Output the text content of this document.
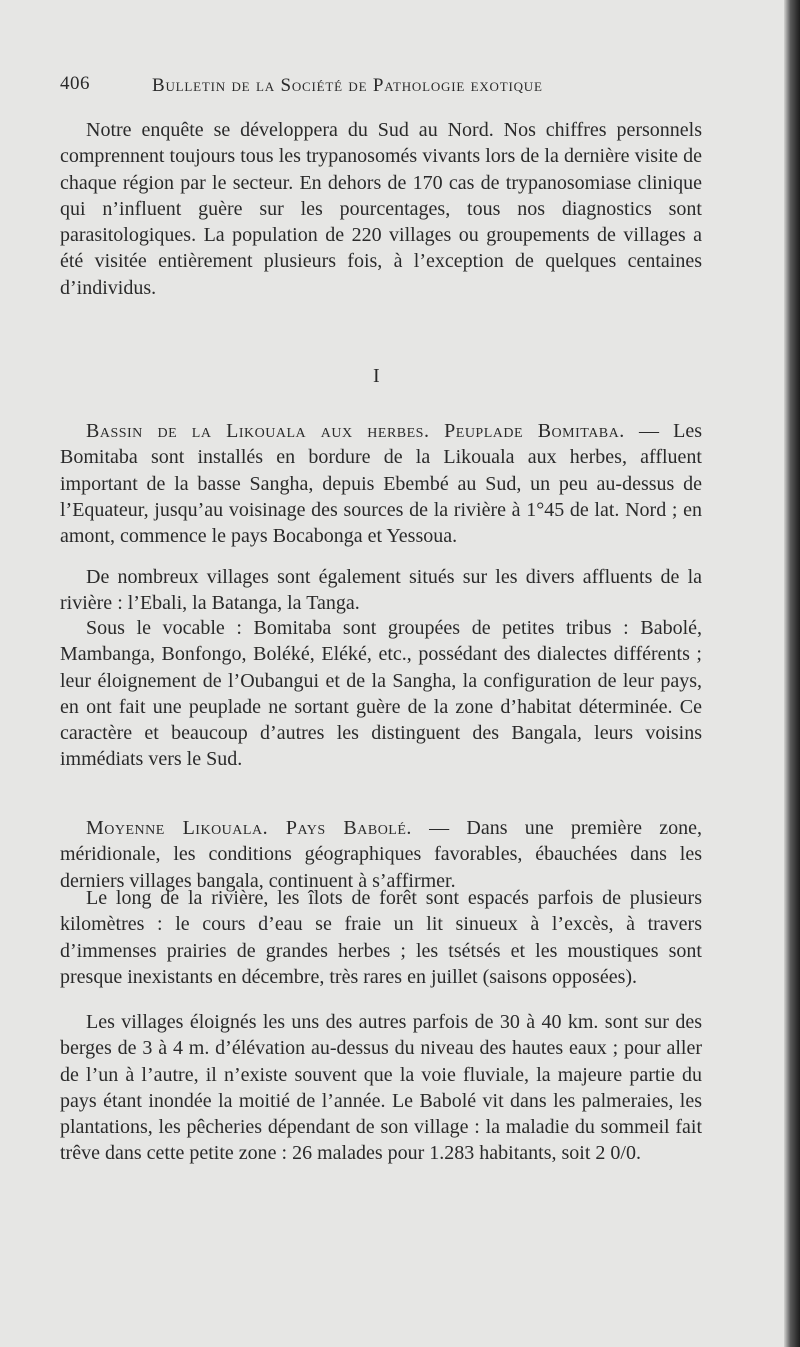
406	Bulletin de la Société de Pathologie exotique

Notre enquête se développera du Sud au Nord. Nos chiffres personnels comprennent toujours tous les trypanosomés vivants lors de la dernière visite de chaque région par le secteur. En dehors de 170 cas de trypanosomiase clinique qui n’influent guère sur les pourcentages, tous nos diagnostics sont parasitologiques. La population de 220 villages ou groupements de villages a été visitée entièrement plusieurs fois, à l’exception de quelques centaines d’individus.

I

Bassin de la Likouala aux herbes. Peuplade Bomitaba. — Les Bomitaba sont installés en bordure de la Likouala aux herbes, affluent important de la basse Sangha, depuis Ebembé au Sud, un peu au-dessus de l’Equateur, jusqu’au voisinage des sources de la rivière à 1°45 de lat. Nord ; en amont, commence le pays Bocabonga et Yessoua.

De nombreux villages sont également situés sur les divers affluents de la rivière : l’Ebali, la Batanga, la Tanga.

Sous le vocable : Bomitaba sont groupées de petites tribus : Babolé, Mambanga, Bonfongo, Boléké, Eléké, etc., possédant des dialectes différents ; leur éloignement de l’Oubangui et de la Sangha, la configuration de leur pays, en ont fait une peuplade ne sortant guère de la zone d’habitat déterminée. Ce caractère et beaucoup d’autres les distinguent des Bangala, leurs voisins immédiats vers le Sud.

Moyenne Likouala. Pays Babolé. — Dans une première zone, méridionale, les conditions géographiques favorables, ébauchées dans les derniers villages bangala, continuent à s’affirmer.

Le long de la rivière, les îlots de forêt sont espacés parfois de plusieurs kilomètres : le cours d’eau se fraie un lit sinueux à l’excès, à travers d’immenses prairies de grandes herbes ; les tsétsés et les moustiques sont presque inexistants en décembre, très rares en juillet (saisons opposées).

Les villages éloignés les uns des autres parfois de 30 à 40 km. sont sur des berges de 3 à 4 m. d’élévation au-dessus du niveau des hautes eaux ; pour aller de l’un à l’autre, il n’existe souvent que la voie fluviale, la majeure partie du pays étant inondée la moitié de l’année. Le Babolé vit dans les palmeraies, les plantations, les pêcheries dépendant de son village : la maladie du sommeil fait trêve dans cette petite zone : 26 malades pour 1.283 habitants, soit 2 0/0.
